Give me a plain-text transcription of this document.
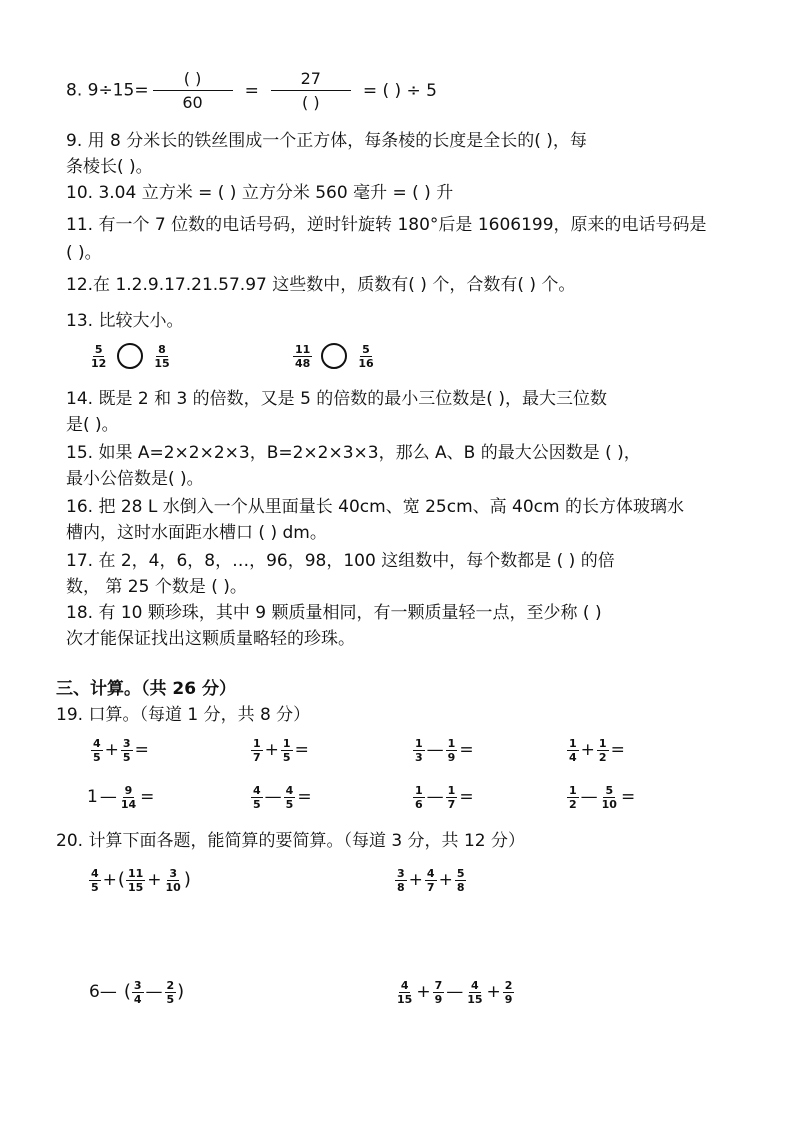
8. 9÷15=
( )
60
=
27
( )
= ( ) ÷ 5
9. 用 8 分米长的铁丝围成一个正方体，每条棱的长度是全长的( )，每
条棱长( )。
10. 3.04 立方米 = ( ) 立方分米 560 毫升 = ( ) 升
11. 有一个 7 位数的电话号码，逆时针旋转 180°后是 1606199，原来的电话号码是
( )。
12.在 1.2.9.17.21.57.97 这些数中，质数有( ) 个，合数有( ) 个。
13. 比较大小。
$\frac{5}{12}$	$\frac{8}{15}$	$\frac{11}{48}$	$\frac{5}{16}$
14. 既是 2 和 3 的倍数，又是 5 的倍数的最小三位数是( )，最大三位数
是( )。
15. 如果 A=2×2×2×3，B=2×2×3×3，那么 A、B 的最大公因数是 ( )，
最小公倍数是( )。
16. 把 28 L 水倒入一个从里面量长 40cm、宽 25cm、高 40cm 的长方体玻璃水
槽内，这时水面距水槽口 ( ) dm。
17. 在 2，4，6，8，…，96，98，100 这组数中，每个数都是 ( ) 的倍
数， 第 25 个数是 ( )。
18. 有 10 颗珍珠，其中 9 颗质量相同，有一颗质量轻一点，至少称 ( )
次才能保证找出这颗质量略轻的珍珠。
三、计算。（共 26 分）
19. 口算。（每道 1 分，共 8 分）
$\frac{4}{5} + \frac{3}{5}$ =	$\frac{1}{7} + \frac{1}{5}$ =	$\frac{1}{3}$ — $\frac{1}{9}$ =	$\frac{1}{4} + \frac{1}{2}$ =
1 — $\frac{9}{14}$ =	$\frac{4}{5}$ — $\frac{4}{5}$ =	$\frac{1}{6}$ — $\frac{1}{7}$ =	$\frac{1}{2}$ — $\frac{5}{10}$ =
20. 计算下面各题，能简算的要简算。（每道 3 分，共 12 分）
$\frac{4}{5}$ +( $\frac{11}{15} + \frac{3}{10}$ )	$\frac{3}{8} + \frac{4}{7} + \frac{5}{8}$
6— ( $\frac{3}{4}$ — $\frac{2}{5}$ )	$\frac{4}{15} + \frac{7}{9}$ — $\frac{4}{15} + \frac{2}{9}$
